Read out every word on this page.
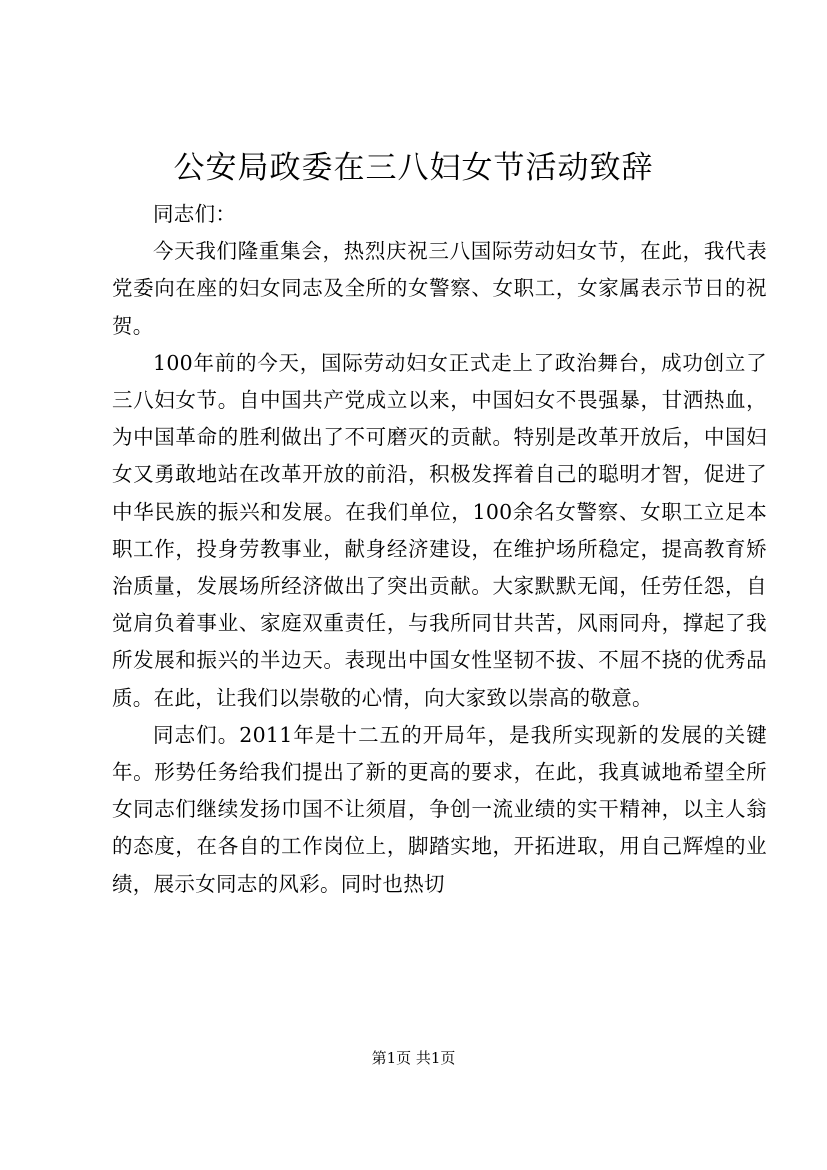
公安局政委在三八妇女节活动致辞

同志们：

今天我们隆重集会，热烈庆祝三八国际劳动妇女节，在此，我代表党委向在座的妇女同志及全所的女警察、女职工，女家属表示节日的祝贺。

100年前的今天，国际劳动妇女正式走上了政治舞台，成功创立了三八妇女节。自中国共产党成立以来，中国妇女不畏强暴，甘洒热血，为中国革命的胜利做出了不可磨灭的贡献。特别是改革开放后，中国妇女又勇敢地站在改革开放的前沿，积极发挥着自己的聪明才智，促进了中华民族的振兴和发展。在我们单位，100余名女警察、女职工立足本职工作，投身劳教事业，献身经济建设，在维护场所稳定，提高教育矫治质量，发展场所经济做出了突出贡献。大家默默无闻，任劳任怨，自觉肩负着事业、家庭双重责任，与我所同甘共苦，风雨同舟，撑起了我所发展和振兴的半边天。表现出中国女性坚韧不拔、不屈不挠的优秀品质。在此，让我们以崇敬的心情，向大家致以崇高的敬意。

同志们。2011年是十二五的开局年，是我所实现新的发展的关键年。形势任务给我们提出了新的更高的要求，在此，我真诚地希望全所女同志们继续发扬巾国不让须眉，争创一流业绩的实干精神，以主人翁的态度，在各自的工作岗位上，脚踏实地，开拓进取，用自己辉煌的业绩，展示女同志的风彩。同时也热切

第1页 共1页
